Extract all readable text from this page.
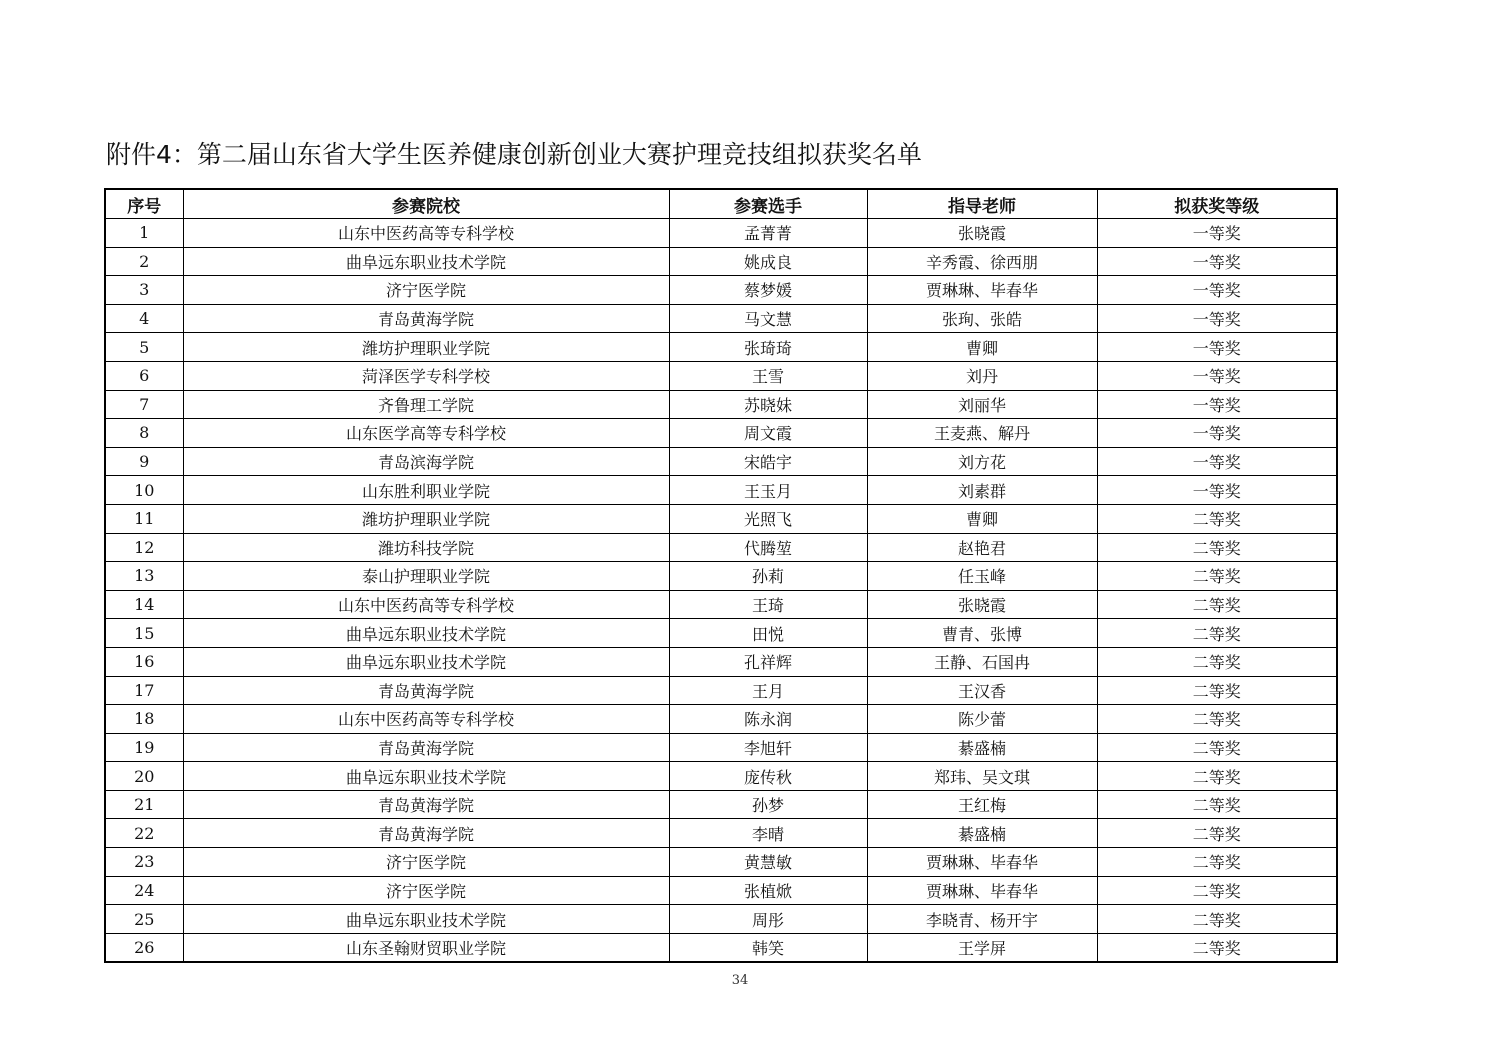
附件4：第二届山东省大学生医养健康创新创业大赛护理竞技组拟获奖名单
序号	参赛院校	参赛选手	指导老师	拟获奖等级
1	山东中医药高等专科学校	孟菁菁	张晓霞	一等奖
2	曲阜远东职业技术学院	姚成良	辛秀霞、徐西朋	一等奖
3	济宁医学院	蔡梦媛	贾琳琳、毕春华	一等奖
4	青岛黄海学院	马文慧	张珣、张皓	一等奖
5	潍坊护理职业学院	张琦琦	曹卿	一等奖
6	菏泽医学专科学校	王雪	刘丹	一等奖
7	齐鲁理工学院	苏晓妹	刘丽华	一等奖
8	山东医学高等专科学校	周文霞	王麦燕、解丹	一等奖
9	青岛滨海学院	宋皓宇	刘方花	一等奖
10	山东胜利职业学院	王玉月	刘素群	一等奖
11	潍坊护理职业学院	光照飞	曹卿	二等奖
12	潍坊科技学院	代腾堃	赵艳君	二等奖
13	泰山护理职业学院	孙莉	任玉峰	二等奖
14	山东中医药高等专科学校	王琦	张晓霞	二等奖
15	曲阜远东职业技术学院	田悦	曹青、张博	二等奖
16	曲阜远东职业技术学院	孔祥辉	王静、石国冉	二等奖
17	青岛黄海学院	王月	王汉香	二等奖
18	山东中医药高等专科学校	陈永润	陈少蕾	二等奖
19	青岛黄海学院	李旭轩	綦盛楠	二等奖
20	曲阜远东职业技术学院	庞传秋	郑玮、吴文琪	二等奖
21	青岛黄海学院	孙梦	王红梅	二等奖
22	青岛黄海学院	李晴	綦盛楠	二等奖
23	济宁医学院	黄慧敏	贾琳琳、毕春华	二等奖
24	济宁医学院	张植焮	贾琳琳、毕春华	二等奖
25	曲阜远东职业技术学院	周彤	李晓青、杨开宇	二等奖
26	山东圣翰财贸职业学院	韩笑	王学屏	二等奖
34
